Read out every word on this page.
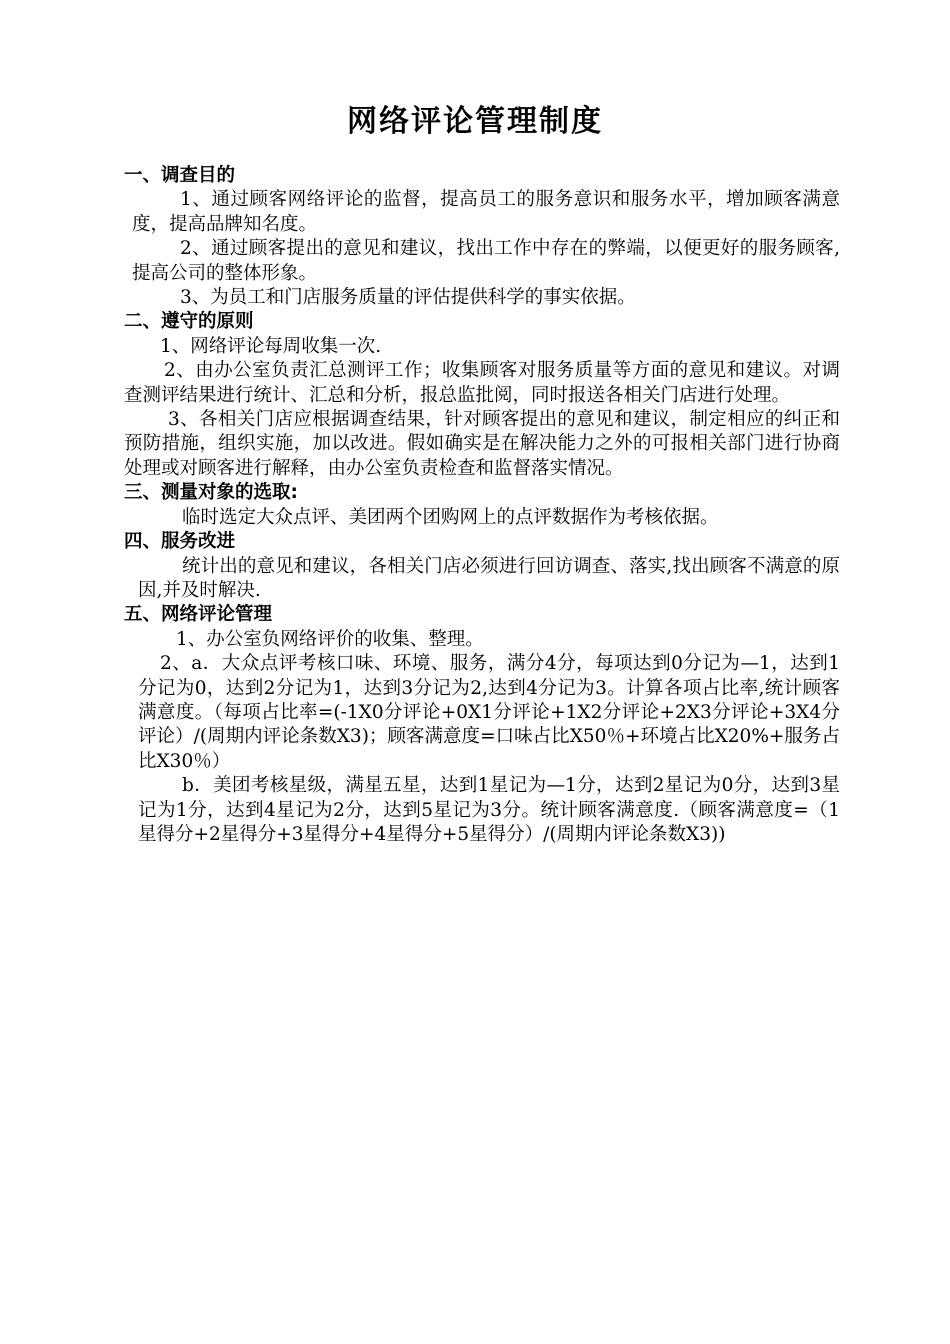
网络评论管理制度
一、调查目的

1、通过顾客网络评论的监督，提高员工的服务意识和服务水平，增加顾客满意度，提高品牌知名度。

2、通过顾客提出的意见和建议，找出工作中存在的弊端，以便更好的服务顾客,提高公司的整体形象。

3、为员工和门店服务质量的评估提供科学的事实依据。

二、遵守的原则

1、网络评论每周收集一次.

2、由办公室负责汇总测评工作；收集顾客对服务质量等方面的意见和建议。对调查测评结果进行统计、汇总和分析，报总监批阅，同时报送各相关门店进行处理。

3、各相关门店应根据调查结果，针对顾客提出的意见和建议，制定相应的纠正和预防措施，组织实施，加以改进。假如确实是在解决能力之外的可报相关部门进行协商处理或对顾客进行解释，由办公室负责检查和监督落实情况。

三、测量对象的选取:

临时选定大众点评、美团两个团购网上的点评数据作为考核依据。

四、服务改进

统计出的意见和建议，各相关门店必须进行回访调查、落实,找出顾客不满意的原因,并及时解决.

五、网络评论管理

1、办公室负网络评价的收集、整理。

2、a．大众点评考核口味、环境、服务，满分4分，每项达到0分记为—1，达到1分记为0，达到2分记为1，达到3分记为2,达到4分记为3。计算各项占比率,统计顾客满意度。（每项占比率=(-1X0分评论+0X1分评论+1X2分评论+2X3分评论+3X4分评论）/(周期内评论条数X3)；顾客满意度=口味占比X50％+环境占比X20%+服务占比X30％）

b．美团考核星级，满星五星，达到1星记为—1分，达到2星记为0分，达到3星记为1分，达到4星记为2分，达到5星记为3分。统计顾客满意度.（顾客满意度=（1星得分+2星得分+3星得分+4星得分+5星得分）/(周期内评论条数X3))
